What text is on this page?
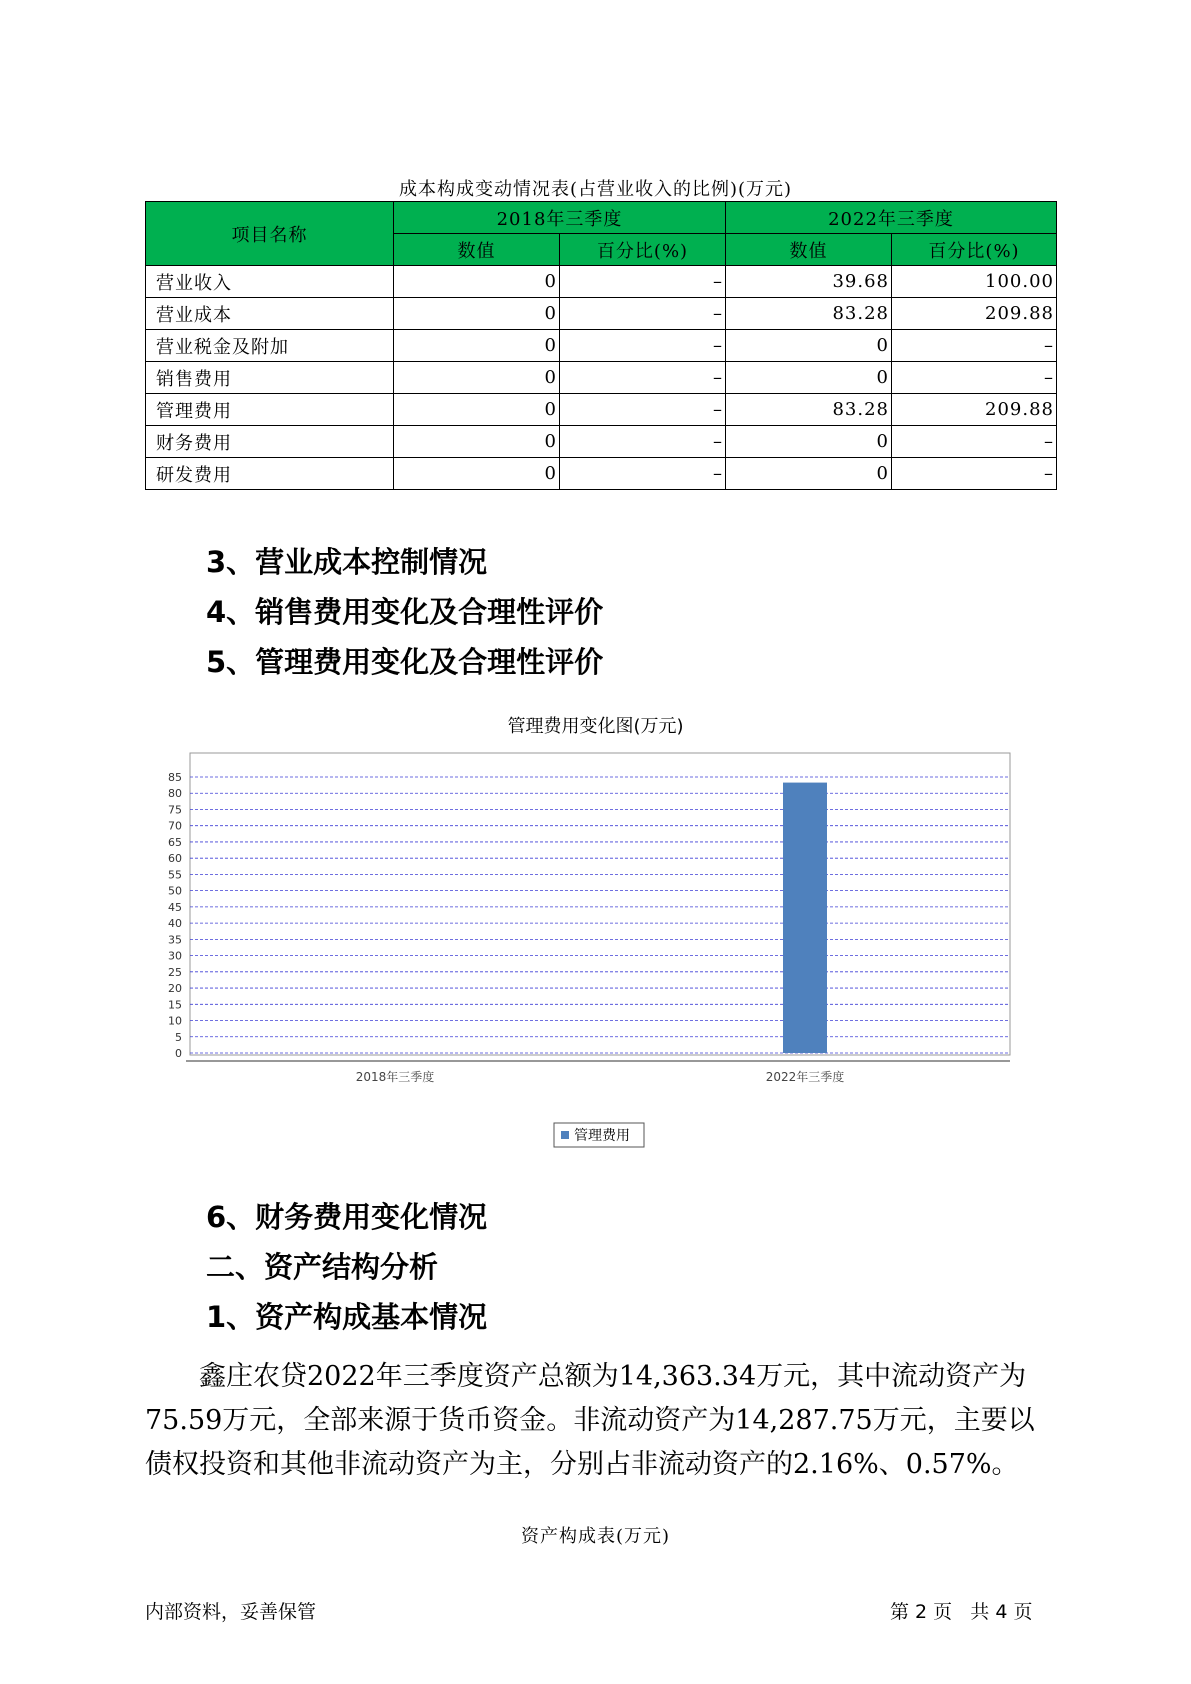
成本构成变动情况表(占营业收入的比例)(万元)
项目名称	2018年三季度		2022年三季度	
	数值	百分比(%)	数值	百分比(%)
营业收入	0	–	39.68	100.00
营业成本	0	–	83.28	209.88
营业税金及附加	0	–	0	–
销售费用	0	–	0	–
管理费用	0	–	83.28	209.88
财务费用	0	–	0	–
研发费用	0	–	0	–
3、营业成本控制情况
4、销售费用变化及合理性评价
5、管理费用变化及合理性评价
管理费用变化图(万元)
0
5
10
15
20
25
30
35
40
45
50
55
60
65
70
75
80
85
2018年三季度	2022年三季度
管理费用
6、财务费用变化情况
二、资产结构分析
1、资产构成基本情况
鑫庄农贷2022年三季度资产总额为14,363.34万元，其中流动资产为75.59万元，全部来源于货币资金。非流动资产为14,287.75万元，主要以债权投资和其他非流动资产为主，分别占非流动资产的2.16%、0.57%。
资产构成表(万元)
内部资料，妥善保管	第 2 页   共 4 页
